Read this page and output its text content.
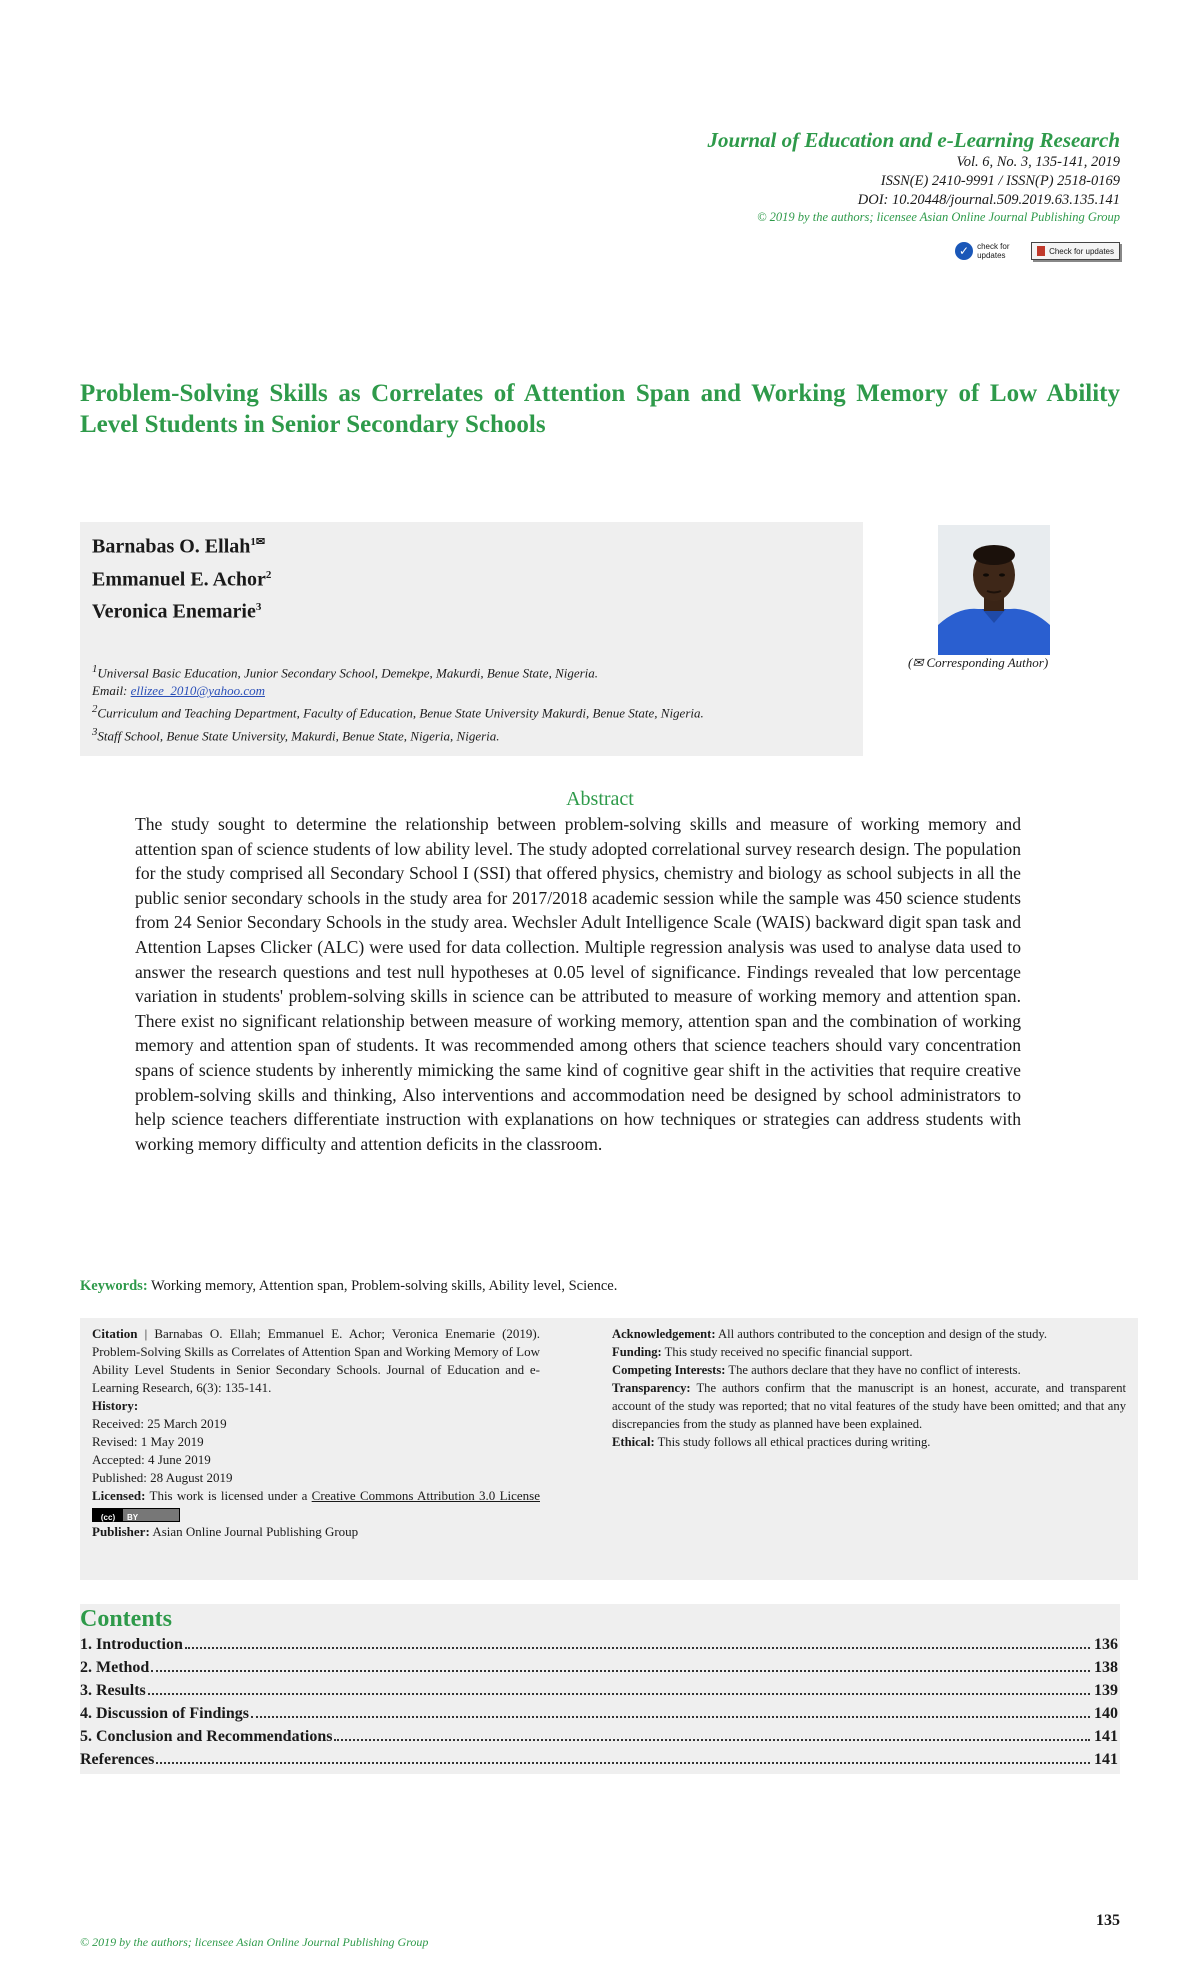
Journal of Education and e-Learning Research
Vol. 6, No. 3, 135-141, 2019
ISSN(E) 2410-9991 / ISSN(P) 2518-0169
DOI: 10.20448/journal.509.2019.63.135.141
© 2019 by the authors; licensee Asian Online Journal Publishing Group
✓ check for updates	Check for updates
Problem-Solving Skills as Correlates of Attention Span and Working Memory of Low Ability Level Students in Senior Secondary Schools
Barnabas O. Ellah$^{1✉}$
Emmanuel E. Achor$^2$
Veronica Enemarie$^3$
$^1$Universal Basic Education, Junior Secondary School, Demekpe, Makurdi, Benue State, Nigeria.
Email: ellizee_2010@yahoo.com
$^2$Curriculum and Teaching Department, Faculty of Education, Benue State University Makurdi, Benue State, Nigeria.
$^3$Staff School, Benue State University, Makurdi, Benue State, Nigeria, Nigeria.
(✉ Corresponding Author)
Abstract
The study sought to determine the relationship between problem-solving skills and measure of working memory and attention span of science students of low ability level. The study adopted correlational survey research design. The population for the study comprised all Secondary School I (SSI) that offered physics, chemistry and biology as school subjects in all the public senior secondary schools in the study area for 2017/2018 academic session while the sample was 450 science students from 24 Senior Secondary Schools in the study area. Wechsler Adult Intelligence Scale (WAIS) backward digit span task and Attention Lapses Clicker (ALC) were used for data collection. Multiple regression analysis was used to analyse data used to answer the research questions and test null hypotheses at 0.05 level of significance. Findings revealed that low percentage variation in students' problem-solving skills in science can be attributed to measure of working memory and attention span. There exist no significant relationship between measure of working memory, attention span and the combination of working memory and attention span of students. It was recommended among others that science teachers should vary concentration spans of science students by inherently mimicking the same kind of cognitive gear shift in the activities that require creative problem-solving skills and thinking, Also interventions and accommodation need be designed by school administrators to help science teachers differentiate instruction with explanations on how techniques or strategies can address students with working memory difficulty and attention deficits in the classroom.
Keywords: Working memory, Attention span, Problem-solving skills, Ability level, Science.
Citation | Barnabas O. Ellah; Emmanuel E. Achor; Veronica Enemarie (2019). Problem-Solving Skills as Correlates of Attention Span and Working Memory of Low Ability Level Students in Senior Secondary Schools. Journal of Education and e-Learning Research, 6(3): 135-141.
History:
Received: 25 March 2019
Revised: 1 May 2019
Accepted: 4 June 2019
Published: 28 August 2019
Licensed: This work is licensed under a Creative Commons Attribution 3.0 License
(cc)	BY
Publisher: Asian Online Journal Publishing Group
Acknowledgement: All authors contributed to the conception and design of the study.
Funding: This study received no specific financial support.
Competing Interests: The authors declare that they have no conflict of interests.
Transparency: The authors confirm that the manuscript is an honest, accurate, and transparent account of the study was reported; that no vital features of the study have been omitted; and that any discrepancies from the study as planned have been explained.
Ethical: This study follows all ethical practices during writing.
Contents
1. Introduction	136
2. Method	138
3. Results	139
4. Discussion of Findings	140
5. Conclusion and Recommendations	141
References	141
135
© 2019 by the authors; licensee Asian Online Journal Publishing Group
